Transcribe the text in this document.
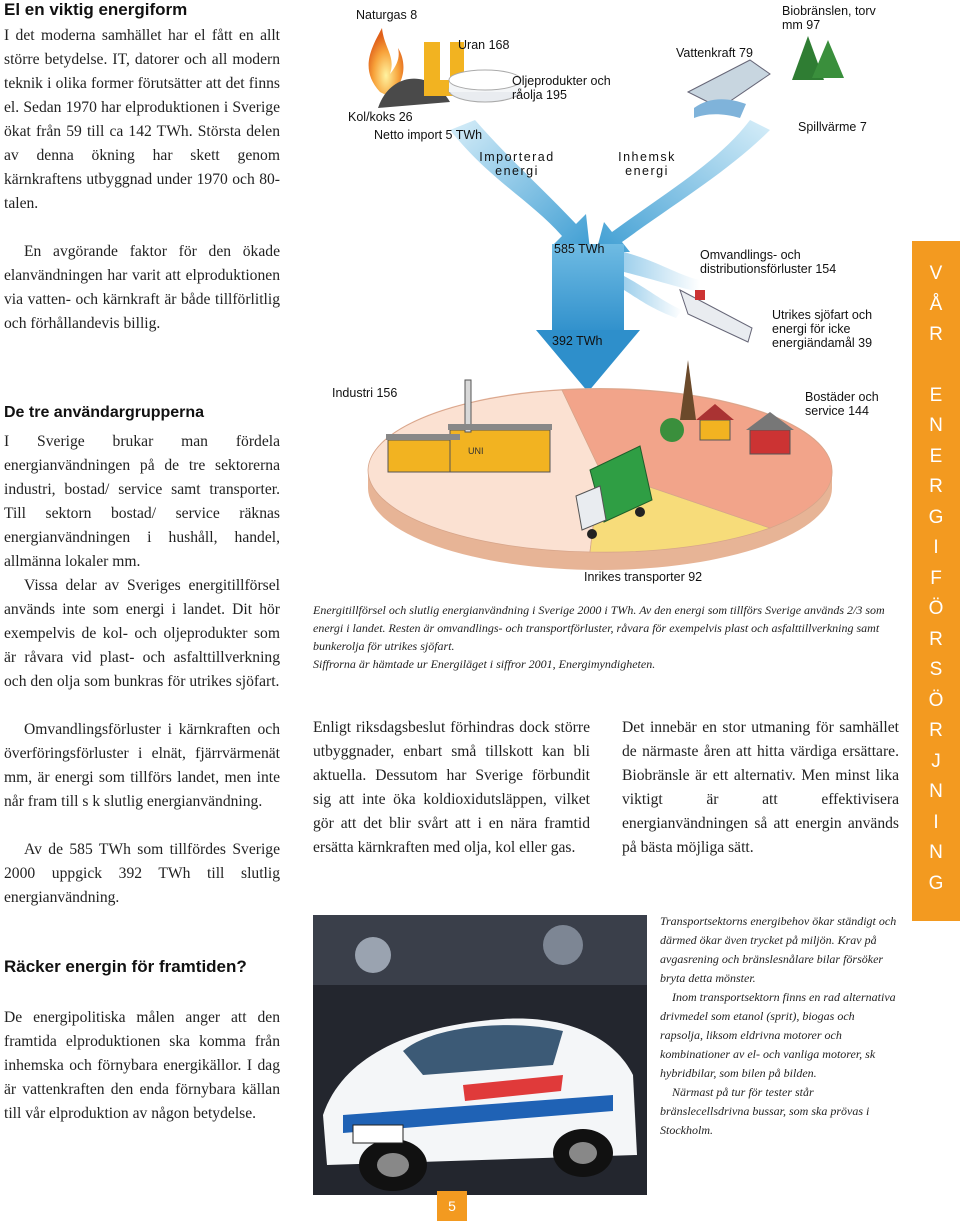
El en viktig energiform

I det moderna samhället har el fått en allt större betydelse. IT, datorer och all modern teknik i olika former förutsätter att det finns el. Sedan 1970 har elproduktionen i Sverige ökat från 59 till ca 142 TWh. Största delen av denna ökning har skett genom kärnkraftens utbyggnad under 1970 och 80-talen.

En avgörande faktor för den ökade elanvändningen har varit att elproduktionen via vatten- och kärnkraft är både tillförlitlig och förhållandevis billig.

De tre användargrupperna

I Sverige brukar man fördela energianvändningen på de tre sektorerna industri, bostad/ service samt transporter. Till sektorn bostad/ service räknas energianvändningen i hushåll, handel, allmänna lokaler mm.

Vissa delar av Sveriges energitillförsel används inte som energi i landet. Dit hör exempelvis de kol- och oljeprodukter som är råvara vid plast- och asfalttillverkning och den olja som bunkras för utrikes sjöfart.

Omvandlingsförluster i kärnkraften och överföringsförluster i elnät, fjärrvärmenät mm, är energi som tillförs landet, men inte når fram till s k slutlig energianvändning.

Av de 585 TWh som tillfördes Sverige 2000 uppgick 392 TWh till slutlig energianvändning.

Räcker energin för framtiden?

De energipolitiska målen anger att den framtida elproduktionen ska komma från inhemska och förnybara energikällor. I dag är vattenkraften den enda förnybara källan till vår elproduktion av någon betydelse.

UNI
Naturgas 8
Uran 168
Oljeprodukter och råolja 195
Kol/koks 26
Netto import 5 TWh
Importerad energi
Inhemsk energi
Vattenkraft 79
Biobränslen, torv mm 97
Spillvärme 7
585 TWh	Omvandlings- och distributionsförluster 154
Utrikes sjöfart och energi för icke energiändamål 39
392 TWh
Industri 156	Bostäder och service 144
Inrikes transporter 92

Energitillförsel och slutlig energianvändning i Sverige 2000 i TWh. Av den energi som tillförs Sverige används 2/3 som energi i landet. Resten är omvandlings- och transportförluster, råvara för exempelvis plast och asfalttillverkning samt bunkerolja för utrikes sjöfart.

Siffrorna är hämtade ur Energiläget i siffror 2001, Energimyndigheten.

Enligt riksdagsbeslut förhindras dock större utbyggnader, enbart små tillskott kan bli aktuella. Dessutom har Sverige förbundit sig att inte öka koldioxidutsläppen, vilket gör att det blir svårt att i en nära framtid ersätta kärnkraften med olja, kol eller gas.

Det innebär en stor utmaning för samhället de närmaste åren att hitta värdiga ersättare. Biobränsle är ett alternativ. Men minst lika viktigt är att effektivisera energianvändningen så att energin används på bästa möjliga sätt.

V
Å
R
E
N
E
R
G
I
F
Ö
R
S
Ö
R
J
N
I
N
G

Transportsektorns energibehov ökar ständigt och därmed ökar även trycket på miljön. Krav på avgasrening och bränslesnålare bilar försöker bryta detta mönster.

Inom transportsektorn finns en rad alternativa drivmedel som etanol (sprit), biogas och rapsolja, liksom eldrivna motorer och kombinationer av el- och vanliga motorer, sk hybridbilar, som bilen på bilden.

Närmast på tur för tester står bränslecellsdrivna bussar, som ska prövas i Stockholm.

5
